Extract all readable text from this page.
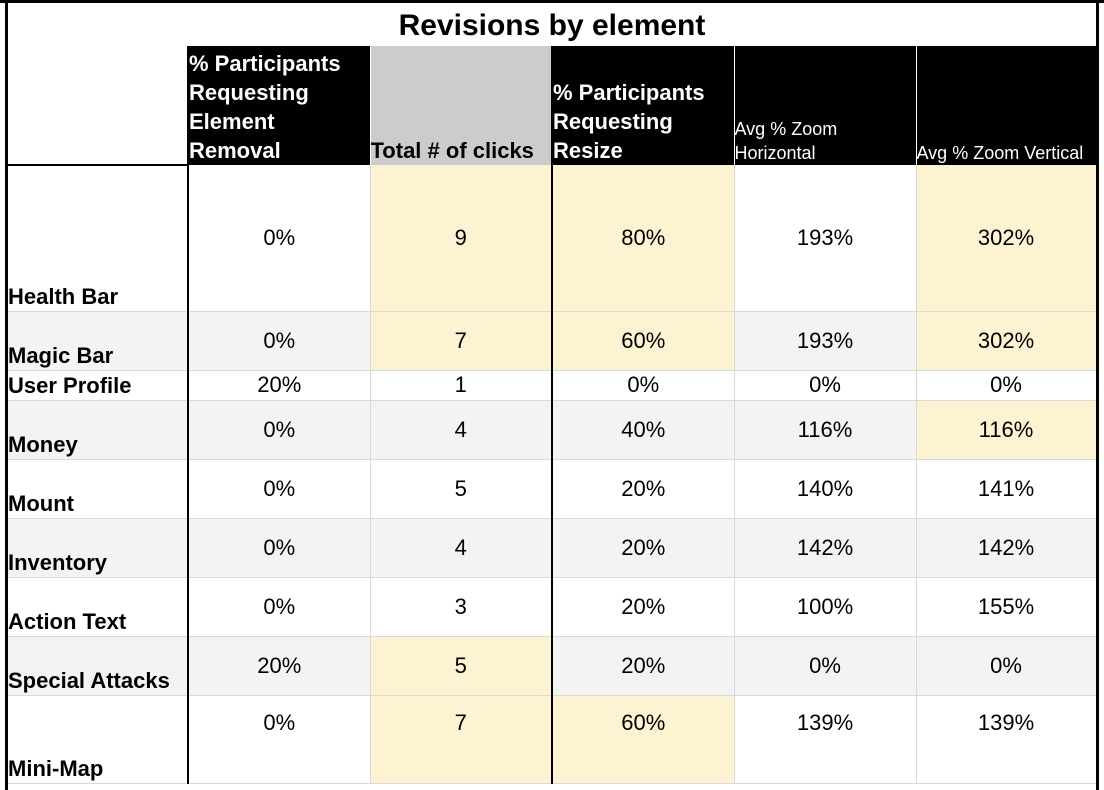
Revisions by element
	% Participants Requesting Element Removal	Total # of clicks	% Participants Requesting Resize	Avg % Zoom Horizontal	Avg % Zoom Vertical
Health Bar	0%	9	80%	193%	302%
Magic Bar	0%	7	60%	193%	302%
User Profile	20%	1	0%	0%	0%
Money	0%	4	40%	116%	116%
Mount	0%	5	20%	140%	141%
Inventory	0%	4	20%	142%	142%
Action Text	0%	3	20%	100%	155%
Special Attacks	20%	5	20%	0%	0%
Mini-Map	0%	7	60%	139%	139%
